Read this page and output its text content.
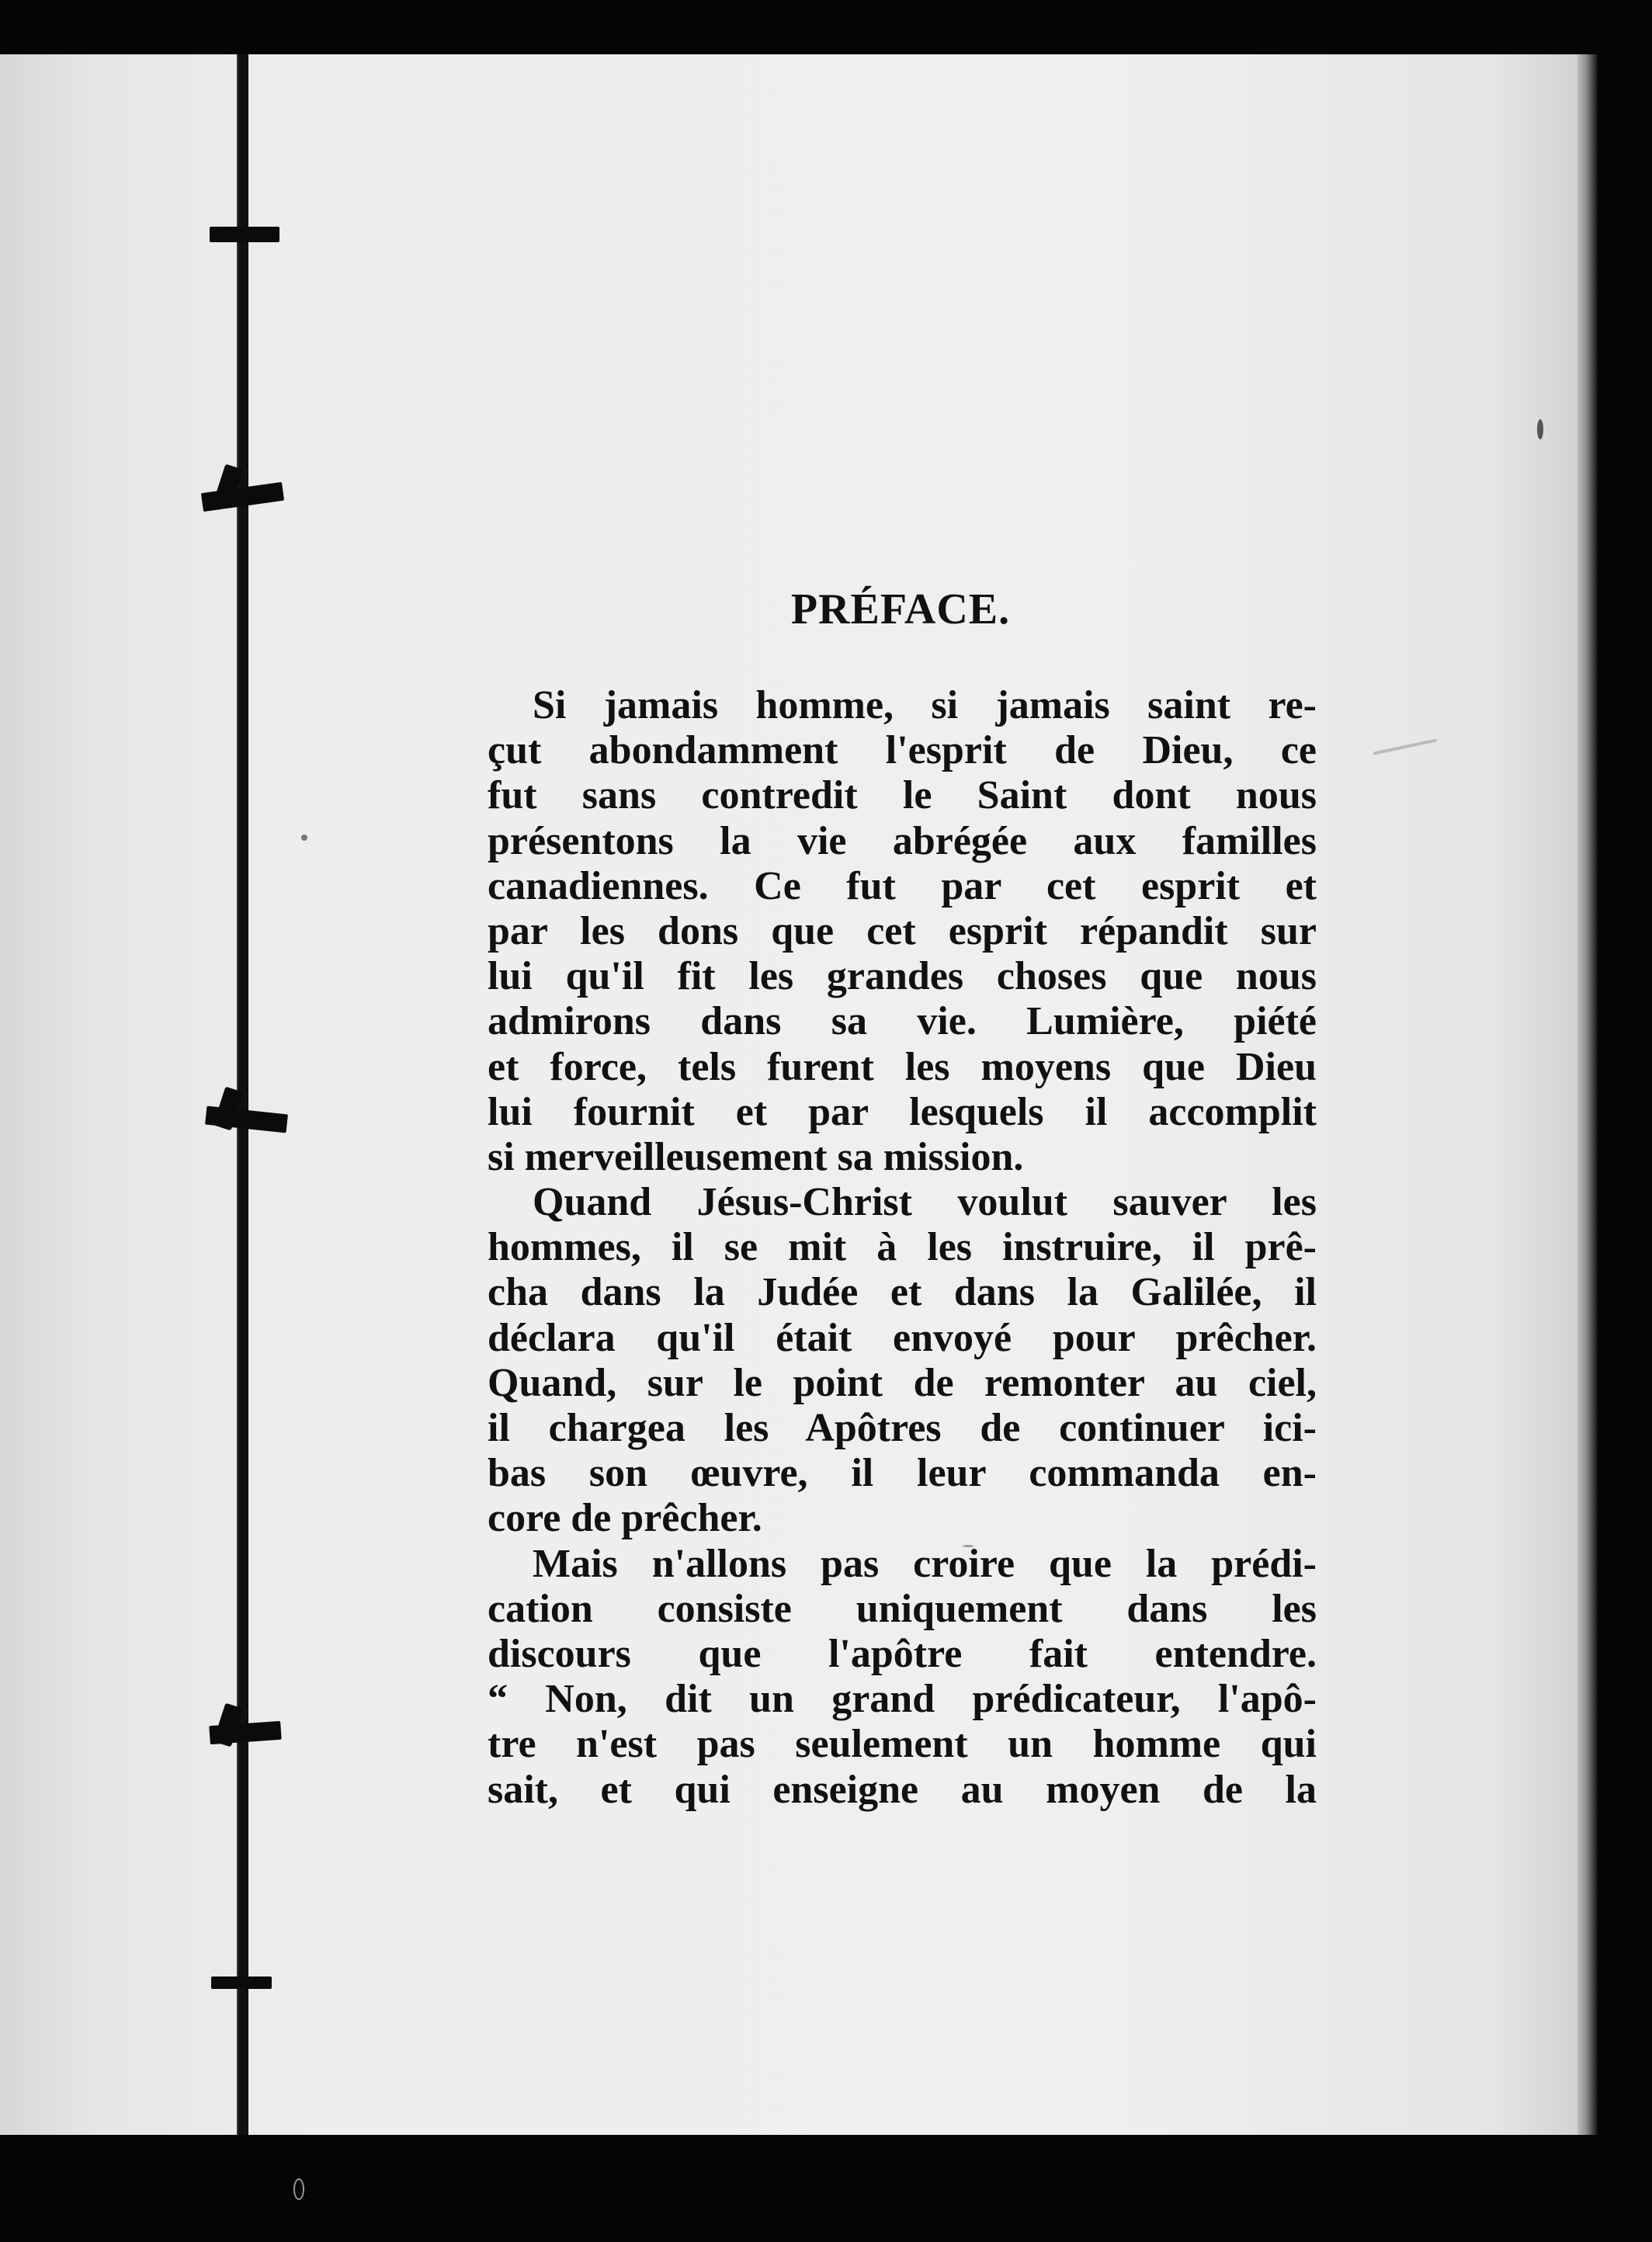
PRÉFACE.
Si jamais homme, si jamais saint re-
çut abondamment l'esprit de Dieu, ce
fut sans contredit le Saint dont nous
présentons la vie abrégée aux familles
canadiennes. Ce fut par cet esprit et
par les dons que cet esprit répandit sur
lui qu'il fit les grandes choses que nous
admirons dans sa vie. Lumière, piété
et force, tels furent les moyens que Dieu
lui fournit et par lesquels il accomplit
si merveilleusement sa mission.
Quand Jésus-Christ voulut sauver les
hommes, il se mit à les instruire, il prê-
cha dans la Judée et dans la Galilée, il
déclara qu'il était envoyé pour prêcher.
Quand, sur le point de remonter au ciel,
il chargea les Apôtres de continuer ici-
bas son œuvre, il leur commanda en-
core de prêcher.
Mais n'allons pas croire que la prédi-
cation consiste uniquement dans les
discours que l'apôtre fait entendre.
“ Non, dit un grand prédicateur, l'apô-
tre n'est pas seulement un homme qui
sait, et qui enseigne au moyen de la
